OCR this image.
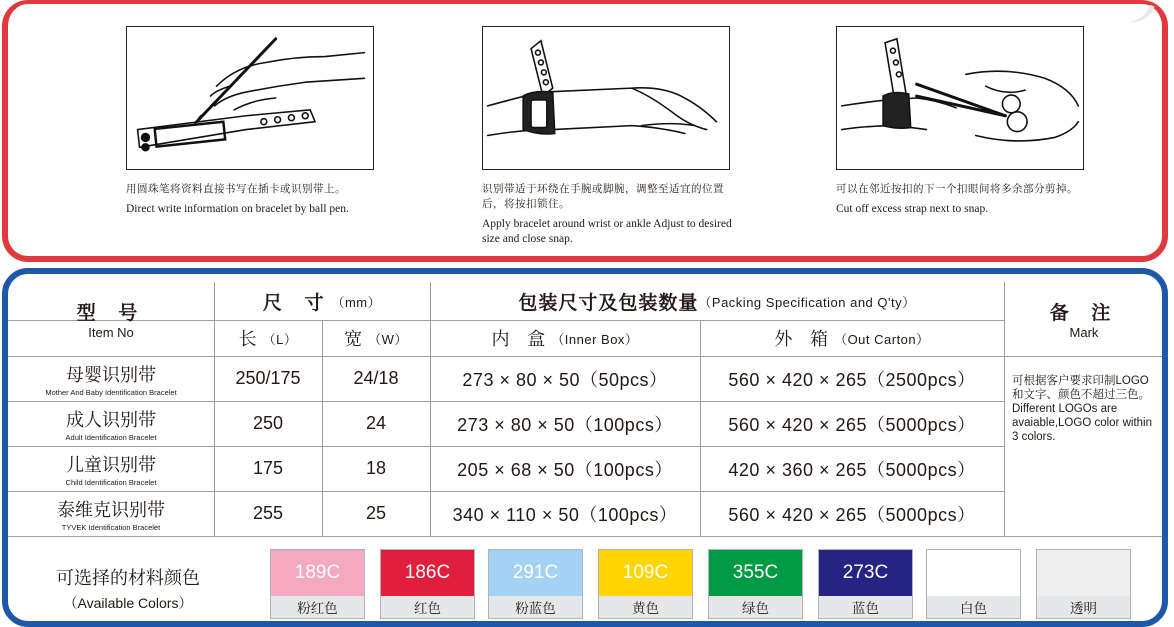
用圆珠笔将资料直接书写在插卡或识别带上。
Direct write information on bracelet by ball pen.
识别带适于环绕在手腕或脚腕，调整至适宜的位置后，将按扣锁住。
Apply bracelet around wrist or ankle Adjust to desired size and close snap.
可以在邻近按扣的下一个扣眼间将多余部分剪掉。
Cut off excess strap next to snap.
型 号
Item No
尺 寸 （mm）
长 （L）	宽 （W）
包装尺寸及包装数量 （Packing Specification and Q'ty）
内 盒 （Inner Box）	外 箱 （Out Carton）
备 注
Mark
母婴识别带
Mother And Baby Identification Bracelet
250/175	24/18	273 × 80 × 50（50pcs）	560 × 420 × 265（2500pcs）
成人识别带
Adult Identification Bracelet
250	24	273 × 80 × 50（100pcs）	560 × 420 × 265（5000pcs）
儿童识别带
Child Identification Bracelet
175	18	205 × 68 × 50（100pcs）	420 × 360 × 265（5000pcs）
泰维克识别带
TYVEK Identification Bracelet
255	25	340 × 110 × 50（100pcs）	560 × 420 × 265（5000pcs）
可根据客户要求印制LOGO和文字、颜色不超过三色。
Different LOGOs are avaiable,LOGO color within 3 colors.
可选择的材料颜色
（Available Colors）
189C
粉红色
186C
红色
291C
粉蓝色
109C
黄色
355C
绿色
273C
蓝色	白色	透明
